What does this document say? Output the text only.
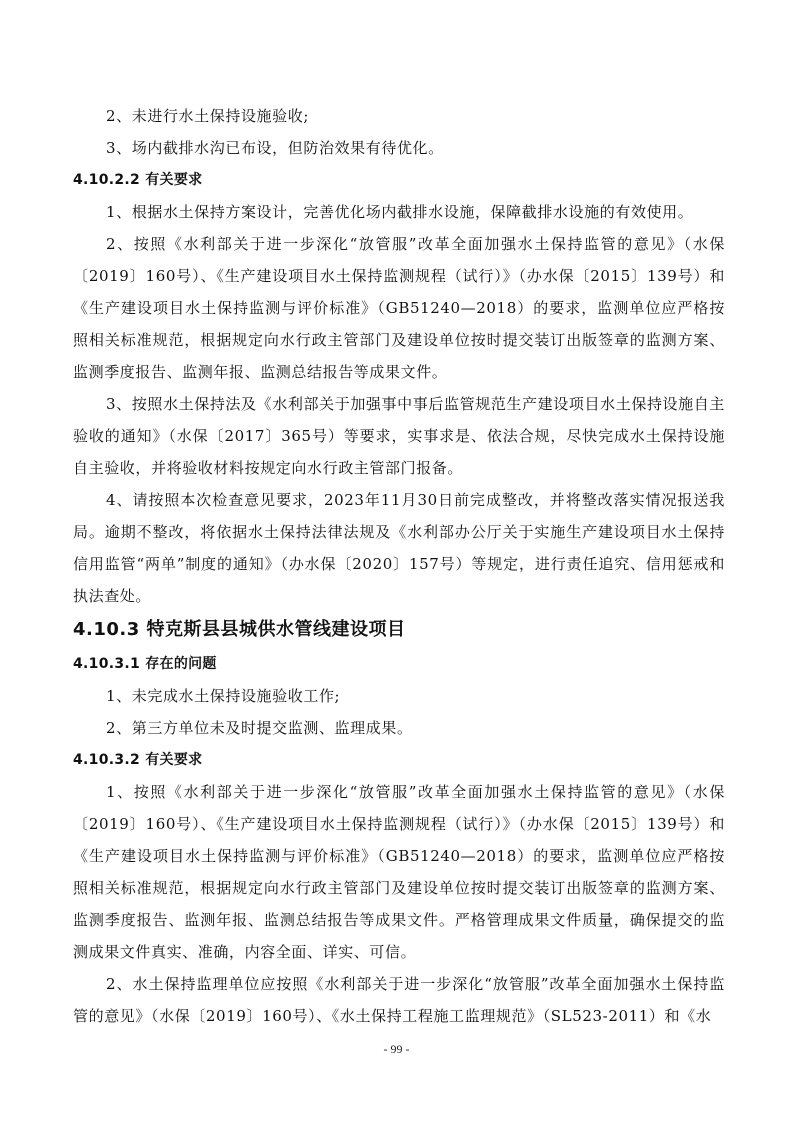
2、未进行水土保持设施验收;

3、场内截排水沟已布设，但防治效果有待优化。

4.10.2.2 有关要求

1、根据水土保持方案设计，完善优化场内截排水设施，保障截排水设施的有效使用。

2、按照《水利部关于进一步深化“放管服”改革全面加强水土保持监管的意见》（水保〔2019〕160号）、《生产建设项目水土保持监测规程（试行）》（办水保〔2015〕139号）和《生产建设项目水土保持监测与评价标准》（GB51240—2018）的要求，监测单位应严格按照相关标准规范，根据规定向水行政主管部门及建设单位按时提交装订出版签章的监测方案、监测季度报告、监测年报、监测总结报告等成果文件。

3、按照水土保持法及《水利部关于加强事中事后监管规范生产建设项目水土保持设施自主验收的通知》（水保〔2017〕365号）等要求，实事求是、依法合规，尽快完成水土保持设施自主验收，并将验收材料按规定向水行政主管部门报备。

4、请按照本次检查意见要求，2023年11月30日前完成整改，并将整改落实情况报送我局。逾期不整改，将依据水土保持法律法规及《水利部办公厅关于实施生产建设项目水土保持信用监管“两单”制度的通知》（办水保〔2020〕157号）等规定，进行责任追究、信用惩戒和执法查处。

4.10.3 特克斯县县城供水管线建设项目

4.10.3.1 存在的问题

1、未完成水土保持设施验收工作;

2、第三方单位未及时提交监测、监理成果。

4.10.3.2 有关要求

1、按照《水利部关于进一步深化“放管服”改革全面加强水土保持监管的意见》（水保〔2019〕160号）、《生产建设项目水土保持监测规程（试行）》（办水保〔2015〕139号）和《生产建设项目水土保持监测与评价标准》（GB51240—2018）的要求，监测单位应严格按照相关标准规范，根据规定向水行政主管部门及建设单位按时提交装订出版签章的监测方案、监测季度报告、监测年报、监测总结报告等成果文件。严格管理成果文件质量，确保提交的监测成果文件真实、准确，内容全面、详实、可信。

2、水土保持监理单位应按照《水利部关于进一步深化“放管服”改革全面加强水土保持监管的意见》（水保〔2019〕160号）、《水土保持工程施工监理规范》（SL523-2011）和《水

- 99 -
